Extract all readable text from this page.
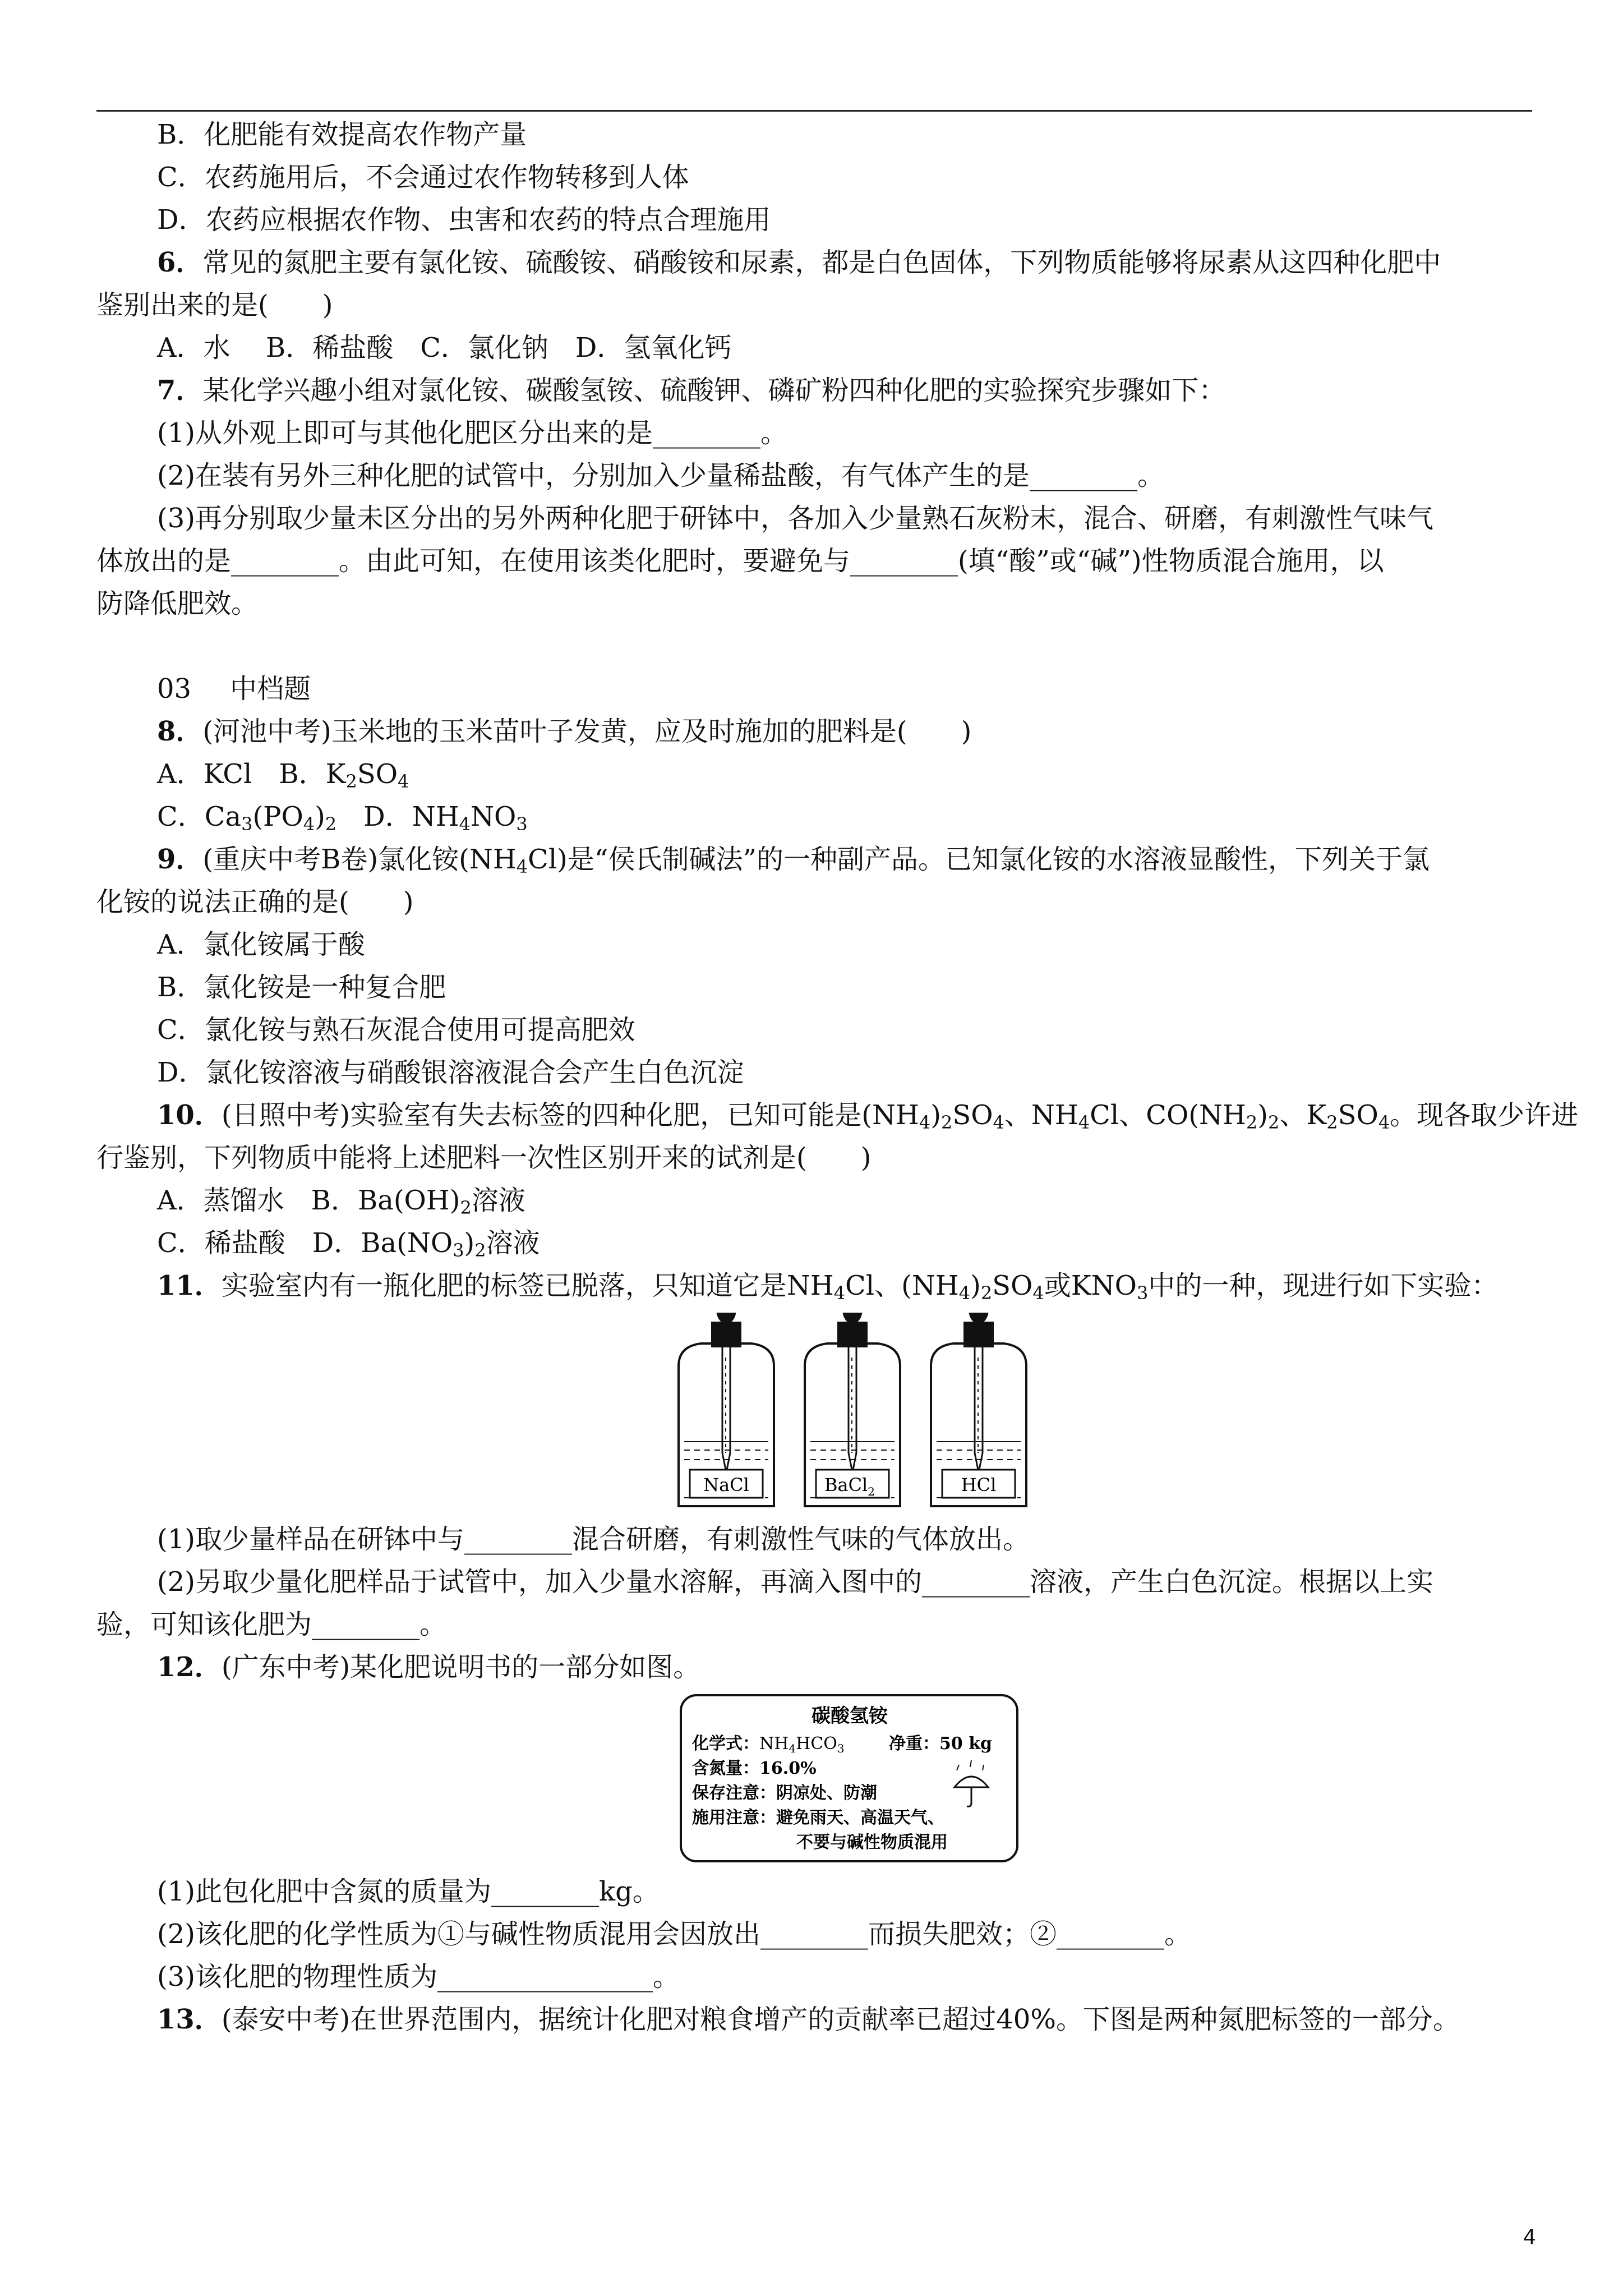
B．化肥能有效提高农作物产量
C．农药施用后，不会通过农作物转移到人体
D．农药应根据农作物、虫害和农药的特点合理施用
6．常见的氮肥主要有氯化铵、硫酸铵、硝酸铵和尿素，都是白色固体，下列物质能够将尿素从这四种化肥中
鉴别出来的是(　　)
A．水　 B．稀盐酸　C．氯化钠　D．氢氧化钙
7．某化学兴趣小组对氯化铵、碳酸氢铵、硫酸钾、磷矿粉四种化肥的实验探究步骤如下：
(1)从外观上即可与其他化肥区分出来的是________。
(2)在装有另外三种化肥的试管中，分别加入少量稀盐酸，有气体产生的是________。
(3)再分别取少量未区分出的另外两种化肥于研钵中，各加入少量熟石灰粉末，混合、研磨，有刺激性气味气
体放出的是________。由此可知，在使用该类化肥时，要避免与________(填“酸”或“碱”)性物质混合施用，以
防降低肥效。
03 中档题
8．(河池中考)玉米地的玉米苗叶子发黄，应及时施加的肥料是(　　)
A．KCl　B．$K_2SO_4$
C．$Ca_3(PO_4)_2$　D．$NH_4NO_3$
9．(重庆中考B卷)氯化铵$(NH_4Cl)$是“侯氏制碱法”的一种副产品。已知氯化铵的水溶液显酸性，下列关于氯
化铵的说法正确的是(　　)
A．氯化铵属于酸
B．氯化铵是一种复合肥
C．氯化铵与熟石灰混合使用可提高肥效
D．氯化铵溶液与硝酸银溶液混合会产生白色沉淀
10．(日照中考)实验室有失去标签的四种化肥，已知可能是$(NH_4)_2SO_4$、$NH_4Cl$、$CO(NH_2)_2$、$K_2SO_4$。现各取少许进
行鉴别，下列物质中能将上述肥料一次性区别开来的试剂是(　　)
A．蒸馏水　B．$Ba(OH)_2$溶液
C．稀盐酸　D．$Ba(NO_3)_2$溶液
11．实验室内有一瓶化肥的标签已脱落，只知道它是$NH_4Cl$、$(NH_4)_2SO_4$或$KNO_3$中的一种，现进行如下实验：
NaCl	BaCl$_2$	HCl
(1)取少量样品在研钵中与________混合研磨，有刺激性气味的气体放出。
(2)另取少量化肥样品于试管中，加入少量水溶解，再滴入图中的________溶液，产生白色沉淀。根据以上实
验，可知该化肥为________。
12．(广东中考)某化肥说明书的一部分如图。
碳酸氢铵
化学式：$NH_4HCO_3$	净重：50 kg
含氮量：16.0%
保存注意：阴凉处、防潮
施用注意：避免雨天、高温天气、
不要与碱性物质混用
(1)此包化肥中含氮的质量为________kg。
(2)该化肥的化学性质为①与碱性物质混用会因放出________而损失肥效；②________。
(3)该化肥的物理性质为________________。
13．(泰安中考)在世界范围内，据统计化肥对粮食增产的贡献率已超过40%。下图是两种氮肥标签的一部分。
4
